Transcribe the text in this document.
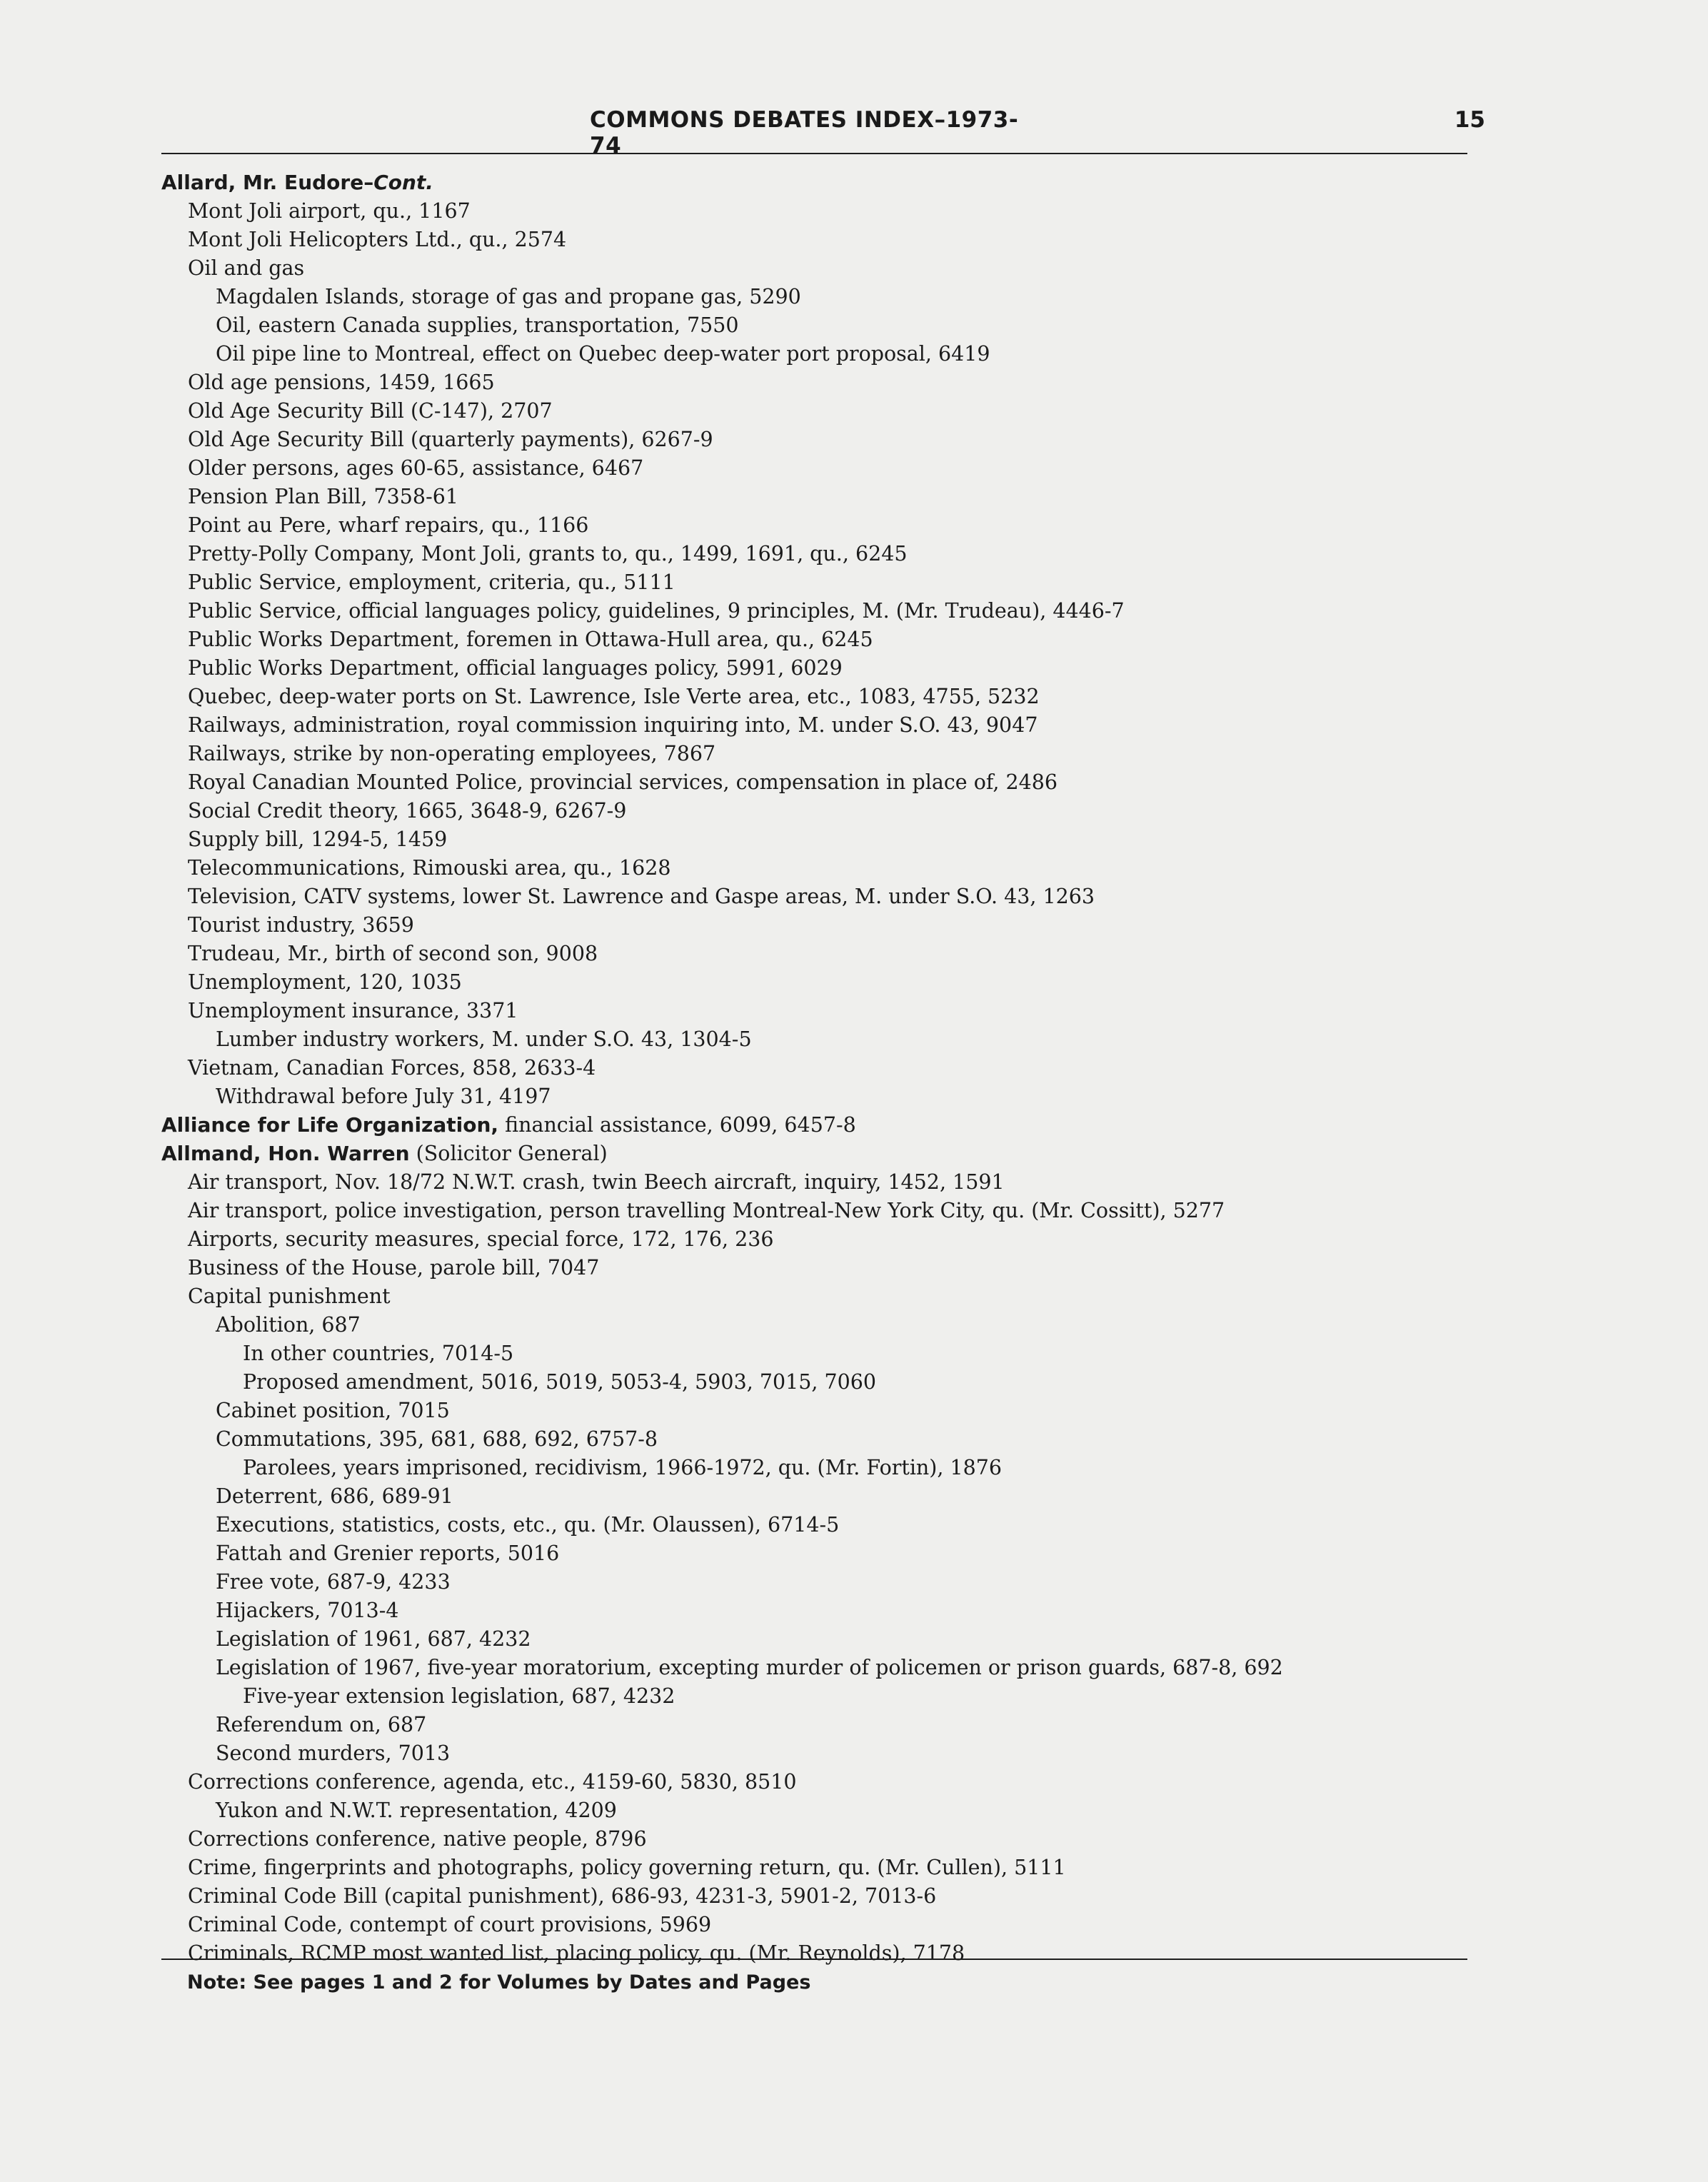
COMMONS DEBATES INDEX–1973-74
15
Allard, Mr. Eudore–Cont.
Mont Joli airport, qu., 1167
Mont Joli Helicopters Ltd., qu., 2574
Oil and gas
Magdalen Islands, storage of gas and propane gas, 5290
Oil, eastern Canada supplies, transportation, 7550
Oil pipe line to Montreal, effect on Quebec deep-water port proposal, 6419
Old age pensions, 1459, 1665
Old Age Security Bill (C-147), 2707
Old Age Security Bill (quarterly payments), 6267-9
Older persons, ages 60-65, assistance, 6467
Pension Plan Bill, 7358-61
Point au Pere, wharf repairs, qu., 1166
Pretty-Polly Company, Mont Joli, grants to, qu., 1499, 1691, qu., 6245
Public Service, employment, criteria, qu., 5111
Public Service, official languages policy, guidelines, 9 principles, M. (Mr. Trudeau), 4446-7
Public Works Department, foremen in Ottawa-Hull area, qu., 6245
Public Works Department, official languages policy, 5991, 6029
Quebec, deep-water ports on St. Lawrence, Isle Verte area, etc., 1083, 4755, 5232
Railways, administration, royal commission inquiring into, M. under S.O. 43, 9047
Railways, strike by non-operating employees, 7867
Royal Canadian Mounted Police, provincial services, compensation in place of, 2486
Social Credit theory, 1665, 3648-9, 6267-9
Supply bill, 1294-5, 1459
Telecommunications, Rimouski area, qu., 1628
Television, CATV systems, lower St. Lawrence and Gaspe areas, M. under S.O. 43, 1263
Tourist industry, 3659
Trudeau, Mr., birth of second son, 9008
Unemployment, 120, 1035
Unemployment insurance, 3371
Lumber industry workers, M. under S.O. 43, 1304-5
Vietnam, Canadian Forces, 858, 2633-4
Withdrawal before July 31, 4197
Alliance for Life Organization, financial assistance, 6099, 6457-8
Allmand, Hon. Warren (Solicitor General)
Air transport, Nov. 18/72 N.W.T. crash, twin Beech aircraft, inquiry, 1452, 1591
Air transport, police investigation, person travelling Montreal-New York City, qu. (Mr. Cossitt), 5277
Airports, security measures, special force, 172, 176, 236
Business of the House, parole bill, 7047
Capital punishment
Abolition, 687
In other countries, 7014-5
Proposed amendment, 5016, 5019, 5053-4, 5903, 7015, 7060
Cabinet position, 7015
Commutations, 395, 681, 688, 692, 6757-8
Parolees, years imprisoned, recidivism, 1966-1972, qu. (Mr. Fortin), 1876
Deterrent, 686, 689-91
Executions, statistics, costs, etc., qu. (Mr. Olaussen), 6714-5
Fattah and Grenier reports, 5016
Free vote, 687-9, 4233
Hijackers, 7013-4
Legislation of 1961, 687, 4232
Legislation of 1967, five-year moratorium, excepting murder of policemen or prison guards, 687-8, 692
Five-year extension legislation, 687, 4232
Referendum on, 687
Second murders, 7013
Corrections conference, agenda, etc., 4159-60, 5830, 8510
Yukon and N.W.T. representation, 4209
Corrections conference, native people, 8796
Crime, fingerprints and photographs, policy governing return, qu. (Mr. Cullen), 5111
Criminal Code Bill (capital punishment), 686-93, 4231-3, 5901-2, 7013-6
Criminal Code, contempt of court provisions, 5969
Criminals, RCMP most wanted list, placing policy, qu. (Mr. Reynolds), 7178
Note: See pages 1 and 2 for Volumes by Dates and Pages
